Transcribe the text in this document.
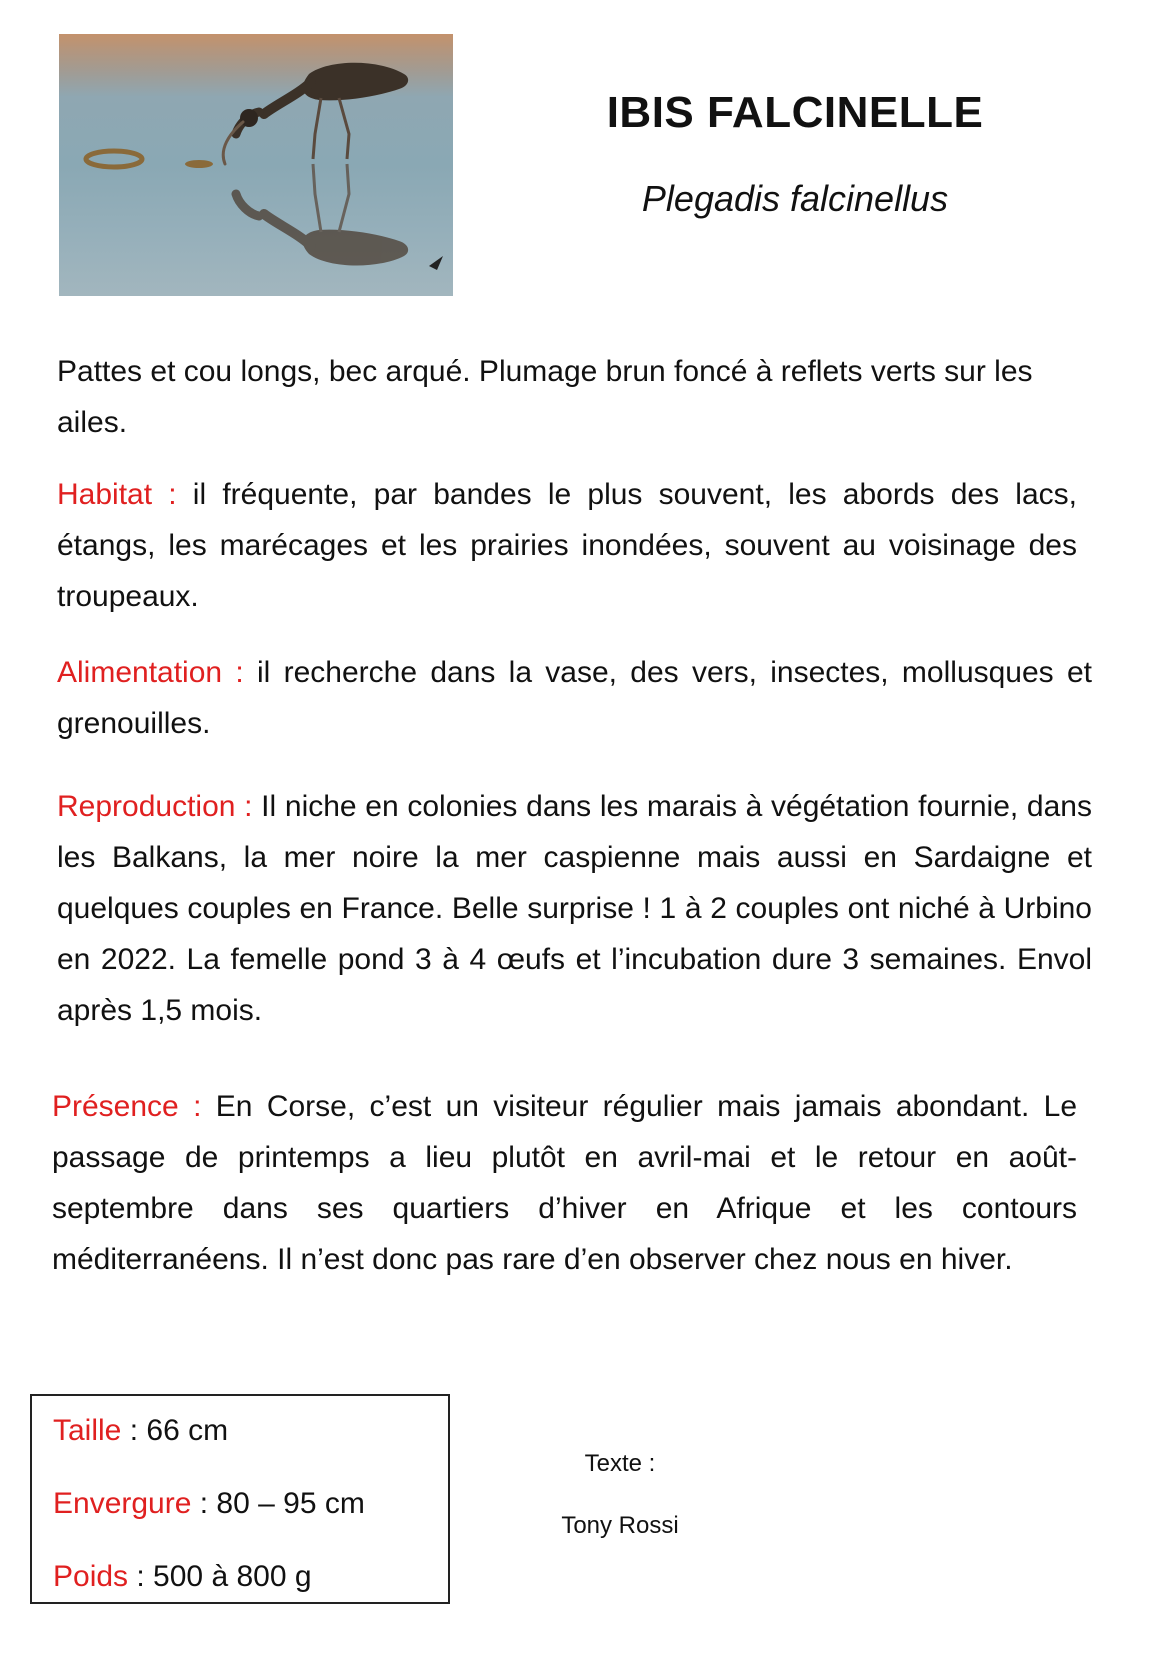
IBIS FALCINELLE

Plegadis falcinellus

Pattes et cou longs, bec arqué. Plumage brun foncé à reflets verts sur les ailes.

Habitat : il fréquente, par bandes le plus souvent, les abords des lacs, étangs, les marécages et les prairies inondées, souvent au voisinage des troupeaux.

Alimentation : il recherche dans la vase, des vers, insectes, mollusques et grenouilles.

Reproduction : Il niche en colonies dans les marais à végétation fournie, dans les Balkans, la mer noire la mer caspienne mais aussi en Sardaigne et quelques couples en France. Belle surprise ! 1 à 2 couples ont niché à Urbino en 2022. La femelle pond 3 à 4 œufs et l’incubation dure 3 semaines. Envol après 1,5 mois.

Présence : En Corse, c’est un visiteur régulier mais jamais abondant. Le passage de printemps a lieu plutôt en avril-mai et le retour en août-septembre dans ses quartiers d’hiver en Afrique et les contours méditerranéens. Il n’est donc pas rare d’en observer chez nous en hiver.

Taille : 66 cm

Envergure : 80 – 95 cm

Poids : 500 à 800 g

Texte :

Tony Rossi
